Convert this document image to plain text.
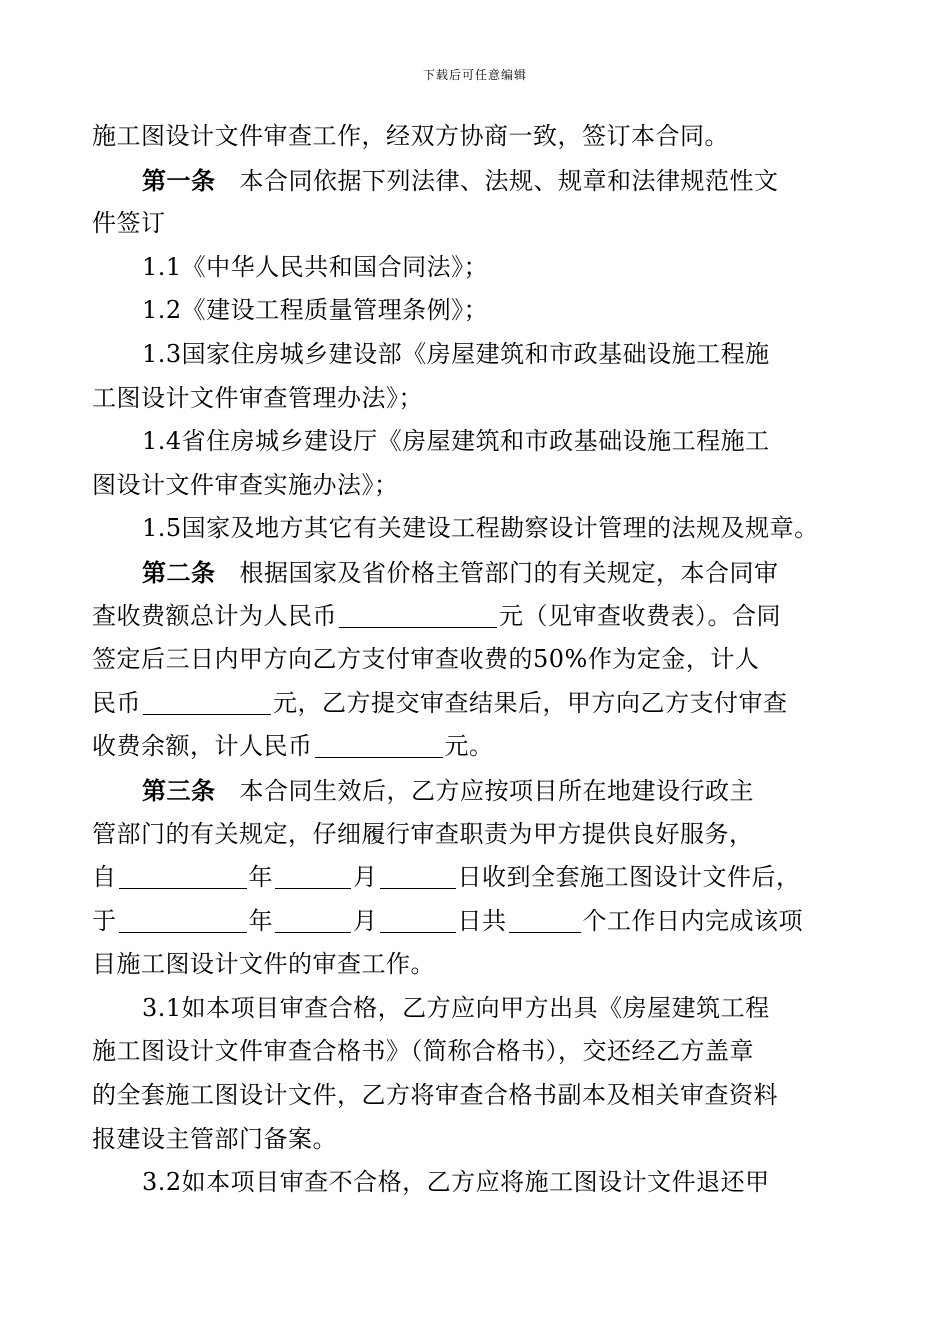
下载后可任意编辑
施工图设计文件审查工作，经双方协商一致，签订本合同。
第一条 本合同依据下列法律、法规、规章和法律规范性文
件签订
1.1《中华人民共和国合同法》；
1.2《建设工程质量管理条例》；
1.3国家住房城乡建设部《房屋建筑和市政基础设施工程施
工图设计文件审查管理办法》；
1.4省住房城乡建设厅《房屋建筑和市政基础设施工程施工
图设计文件审查实施办法》；
1.5国家及地方其它有关建设工程勘察设计管理的法规及规章。
第二条 根据国家及省价格主管部门的有关规定，本合同审
查收费额总计为人民币	元（见审查收费表）。合同
签定后三日内甲方向乙方支付审查收费的50%作为定金，计人
民币	元，乙方提交审查结果后，甲方向乙方支付审查
收费余额，计人民币	元。
第三条 本合同生效后，乙方应按项目所在地建设行政主
管部门的有关规定，仔细履行审查职责为甲方提供良好服务，
自	年	月	日收到全套施工图设计文件后，
于	年	月	日共	个工作日内完成该项
目施工图设计文件的审查工作。
3.1如本项目审查合格，乙方应向甲方出具《房屋建筑工程
施工图设计文件审查合格书》（简称合格书），交还经乙方盖章
的全套施工图设计文件，乙方将审查合格书副本及相关审查资料
报建设主管部门备案。
3.2如本项目审查不合格，乙方应将施工图设计文件退还甲
